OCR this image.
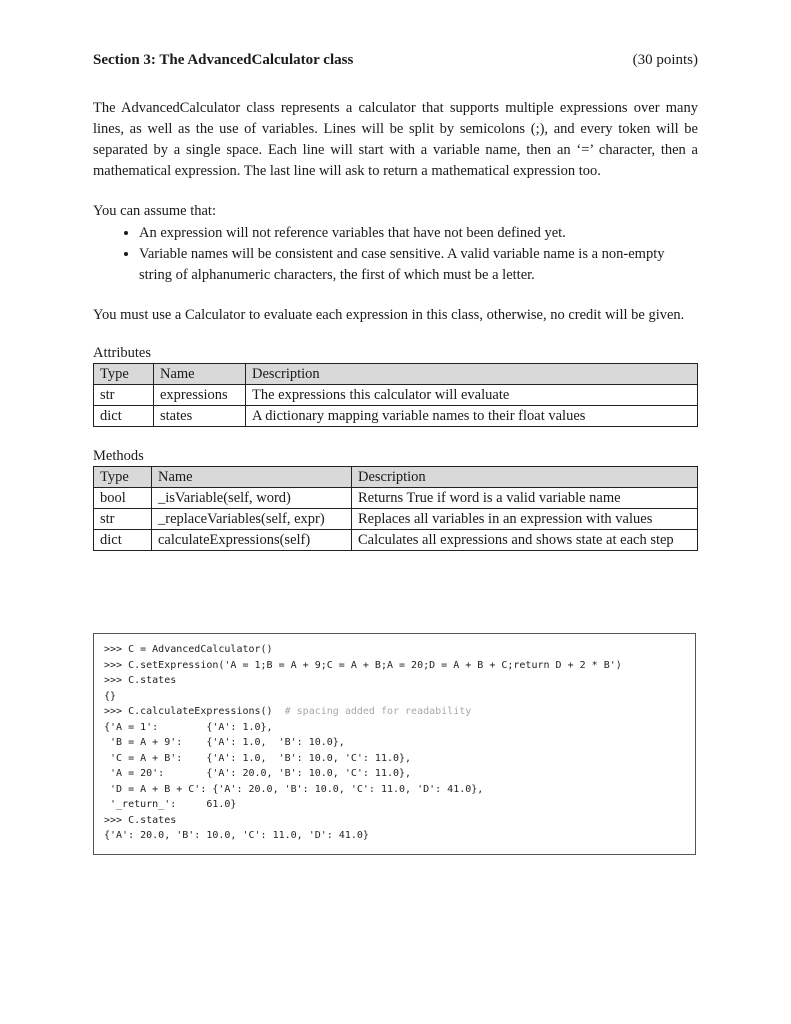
Section 3: The AdvancedCalculator class	(30 points)

The AdvancedCalculator class represents a calculator that supports multiple expressions over many lines, as well as the use of variables. Lines will be split by semicolons (;), and every token will be separated by a single space. Each line will start with a variable name, then an ‘=’ character, then a mathematical expression. The last line will ask to return a mathematical expression too.

You can assume that:

• An expression will not reference variables that have not been defined yet.
• Variable names will be consistent and case sensitive. A valid variable name is a non-empty string of alphanumeric characters, the first of which must be a letter.

You must use a Calculator to evaluate each expression in this class, otherwise, no credit will be given.

Attributes
Type	Name	Description
str	expressions	The expressions this calculator will evaluate
dict	states	A dictionary mapping variable names to their float values
Methods
Type	Name	Description
bool	_isVariable(self, word)	Returns True if word is a valid variable name
str	_replaceVariables(self, expr)	Replaces all variables in an expression with values
dict	calculateExpressions(self)	Calculates all expressions and shows state at each step
>>> C = AdvancedCalculator()
>>> C.setExpression('A = 1;B = A + 9;C = A + B;A = 20;D = A + B + C;return D + 2 * B')
>>> C.states
{}
>>> C.calculateExpressions()  # spacing added for readability
{'A = 1':        {'A': 1.0},
'B = A + 9':    {'A': 1.0,  'B': 10.0},
'C = A + B':    {'A': 1.0,  'B': 10.0, 'C': 11.0},
'A = 20':       {'A': 20.0, 'B': 10.0, 'C': 11.0},
'D = A + B + C': {'A': 20.0, 'B': 10.0, 'C': 11.0, 'D': 41.0},
'_return_':     61.0}
>>> C.states
{'A': 20.0, 'B': 10.0, 'C': 11.0, 'D': 41.0}
